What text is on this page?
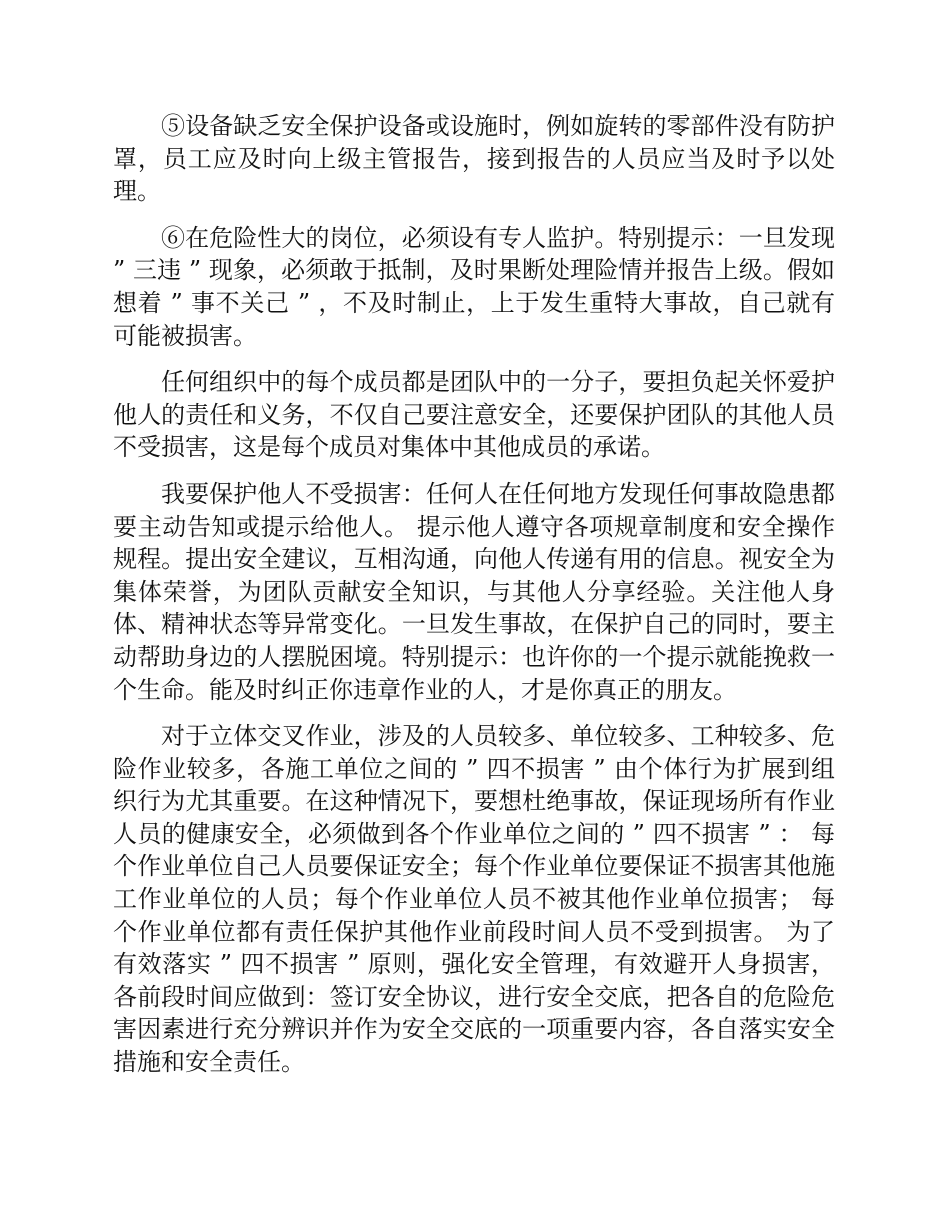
⑤设备缺乏安全保护设备或设施时，例如旋转的零部件没有防护罩，员工应及时向上级主管报告，接到报告的人员应当及时予以处理。

⑥在危险性大的岗位，必须设有专人监护。特别提示：一旦发现 ” 三违 ” 现象，必须敢于抵制，及时果断处理险情并报告上级。假如想着 ” 事不关己 ” ，不及时制止，上于发生重特大事故，自己就有可能被损害。

任何组织中的每个成员都是团队中的一分子，要担负起关怀爱护他人的责任和义务，不仅自己要注意安全，还要保护团队的其他人员不受损害，这是每个成员对集体中其他成员的承诺。

我要保护他人不受损害：任何人在任何地方发现任何事故隐患都要主动告知或提示给他人。 提示他人遵守各项规章制度和安全操作规程。提出安全建议，互相沟通，向他人传递有用的信息。视安全为集体荣誉，为团队贡献安全知识，与其他人分享经验。关注他人身体、精神状态等异常变化。一旦发生事故，在保护自己的同时，要主动帮助身边的人摆脱困境。特别提示：也许你的一个提示就能挽救一个生命。能及时纠正你违章作业的人，才是你真正的朋友。

对于立体交叉作业，涉及的人员较多、单位较多、工种较多、危险作业较多，各施工单位之间的 ” 四不损害 ” 由个体行为扩展到组织行为尤其重要。在这种情况下，要想杜绝事故，保证现场所有作业人员的健康安全，必须做到各个作业单位之间的 ” 四不损害 ” ： 每个作业单位自己人员要保证安全；每个作业单位要保证不损害其他施工作业单位的人员；每个作业单位人员不被其他作业单位损害； 每个作业单位都有责任保护其他作业前段时间人员不受到损害。 为了有效落实 ” 四不损害 ” 原则，强化安全管理，有效避开人身损害，各前段时间应做到：签订安全协议，进行安全交底，把各自的危险危害因素进行充分辨识并作为安全交底的一项重要内容，各自落实安全措施和安全责任。
